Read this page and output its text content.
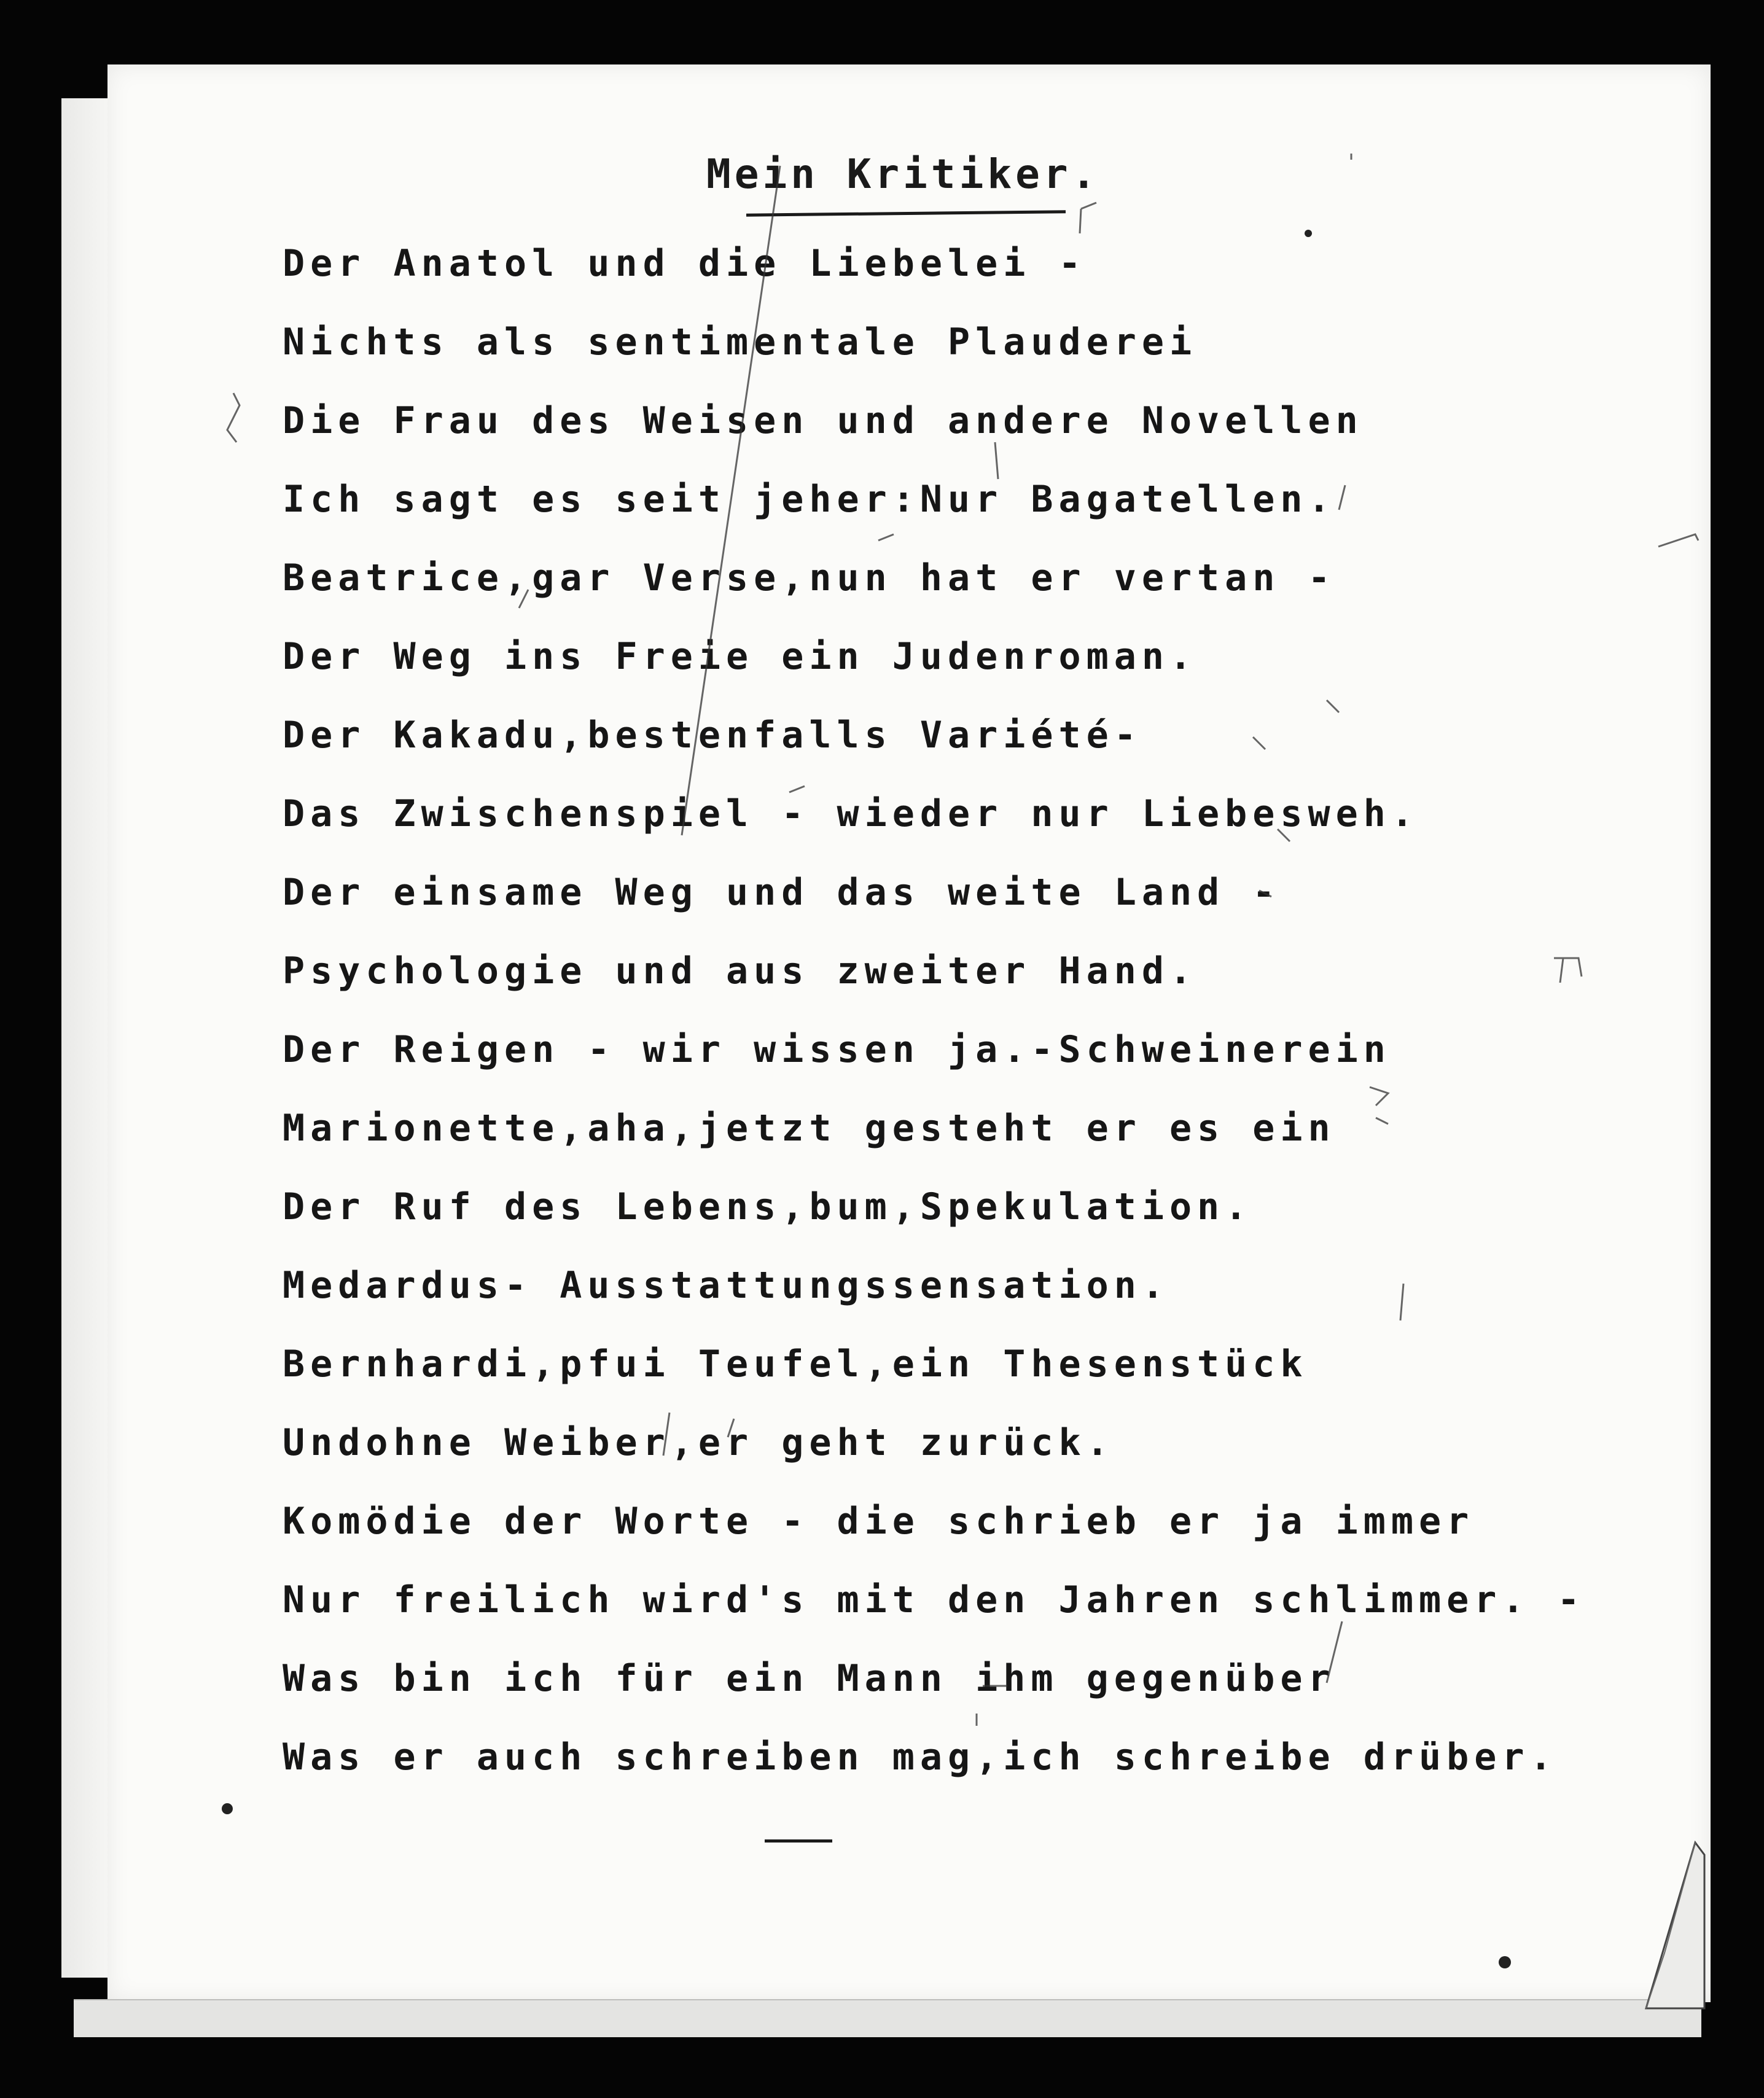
Mein Kritiker.
Der Anatol und die Liebelei -
Nichts als sentimentale Plauderei
Die Frau des Weisen und andere Novellen
Ich sagt es seit jeher:Nur Bagatellen.
Beatrice,gar Verse,nun hat er vertan -
Der Weg ins Freie ein Judenroman.
Der Kakadu,bestenfalls Variété-
Das Zwischenspiel - wieder nur Liebesweh.
Der einsame Weg und das weite Land -
Psychologie und aus zweiter Hand.
Der Reigen - wir wissen ja.-Schweinerein
Marionette,aha,jetzt gesteht er es ein
Der Ruf des Lebens,bum,Spekulation.
Medardus- Ausstattungssensation.
Bernhardi,pfui Teufel,ein Thesenstück
Undohne Weiber,er geht zurück.
Komödie der Worte - die schrieb er ja immer
Nur freilich wird's mit den Jahren schlimmer. -
Was bin ich für ein Mann ihm gegenüber
Was er auch schreiben mag,ich schreibe drüber.
